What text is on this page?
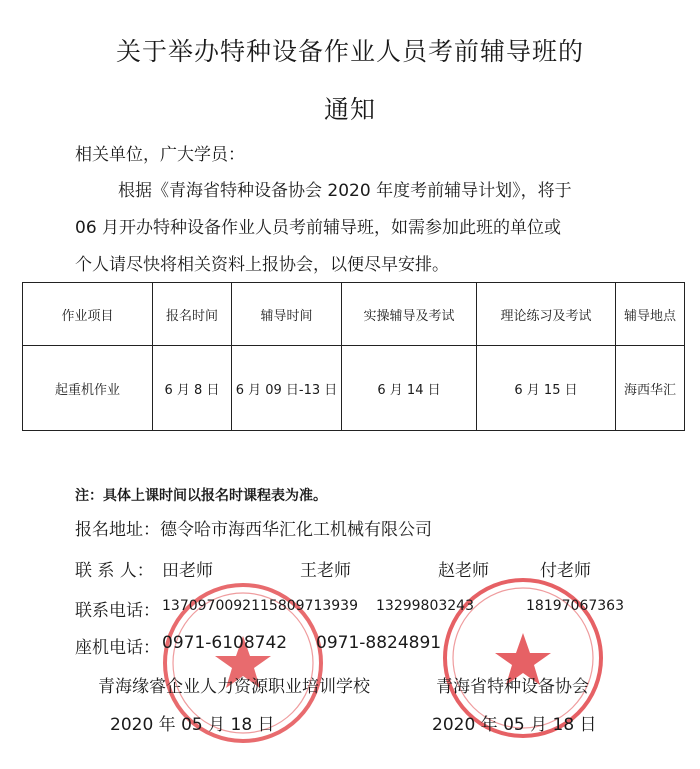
关于举办特种设备作业人员考前辅导班的
通知
相关单位，广大学员：
根据《青海省特种设备协会 2020 年度考前辅导计划》，将于
06 月开办特种设备作业人员考前辅导班，如需参加此班的单位或
个人请尽快将相关资料上报协会，以便尽早安排。
作业项目	报名时间	辅导时间	实操辅导及考试	理论练习及考试	辅导地点
起重机作业	6 月 8 日	6 月 09 日-13 日	6 月 14 日	6 月 15 日	海西华汇
注：具体上课时间以报名时课程表为准。
报名地址：德令哈市海西华汇化工机械有限公司
联 系 人： 田老师	王老师	赵老师	付老师
联系电话： 13709700921 15809713939 13299803243	18197067363
座机电话： 0971-6108742 0971-8824891
青海缘睿企业人力资源职业培训学校	青海省特种设备协会
2020 年 05 月 18 日	2020 年 05 月 18 日
